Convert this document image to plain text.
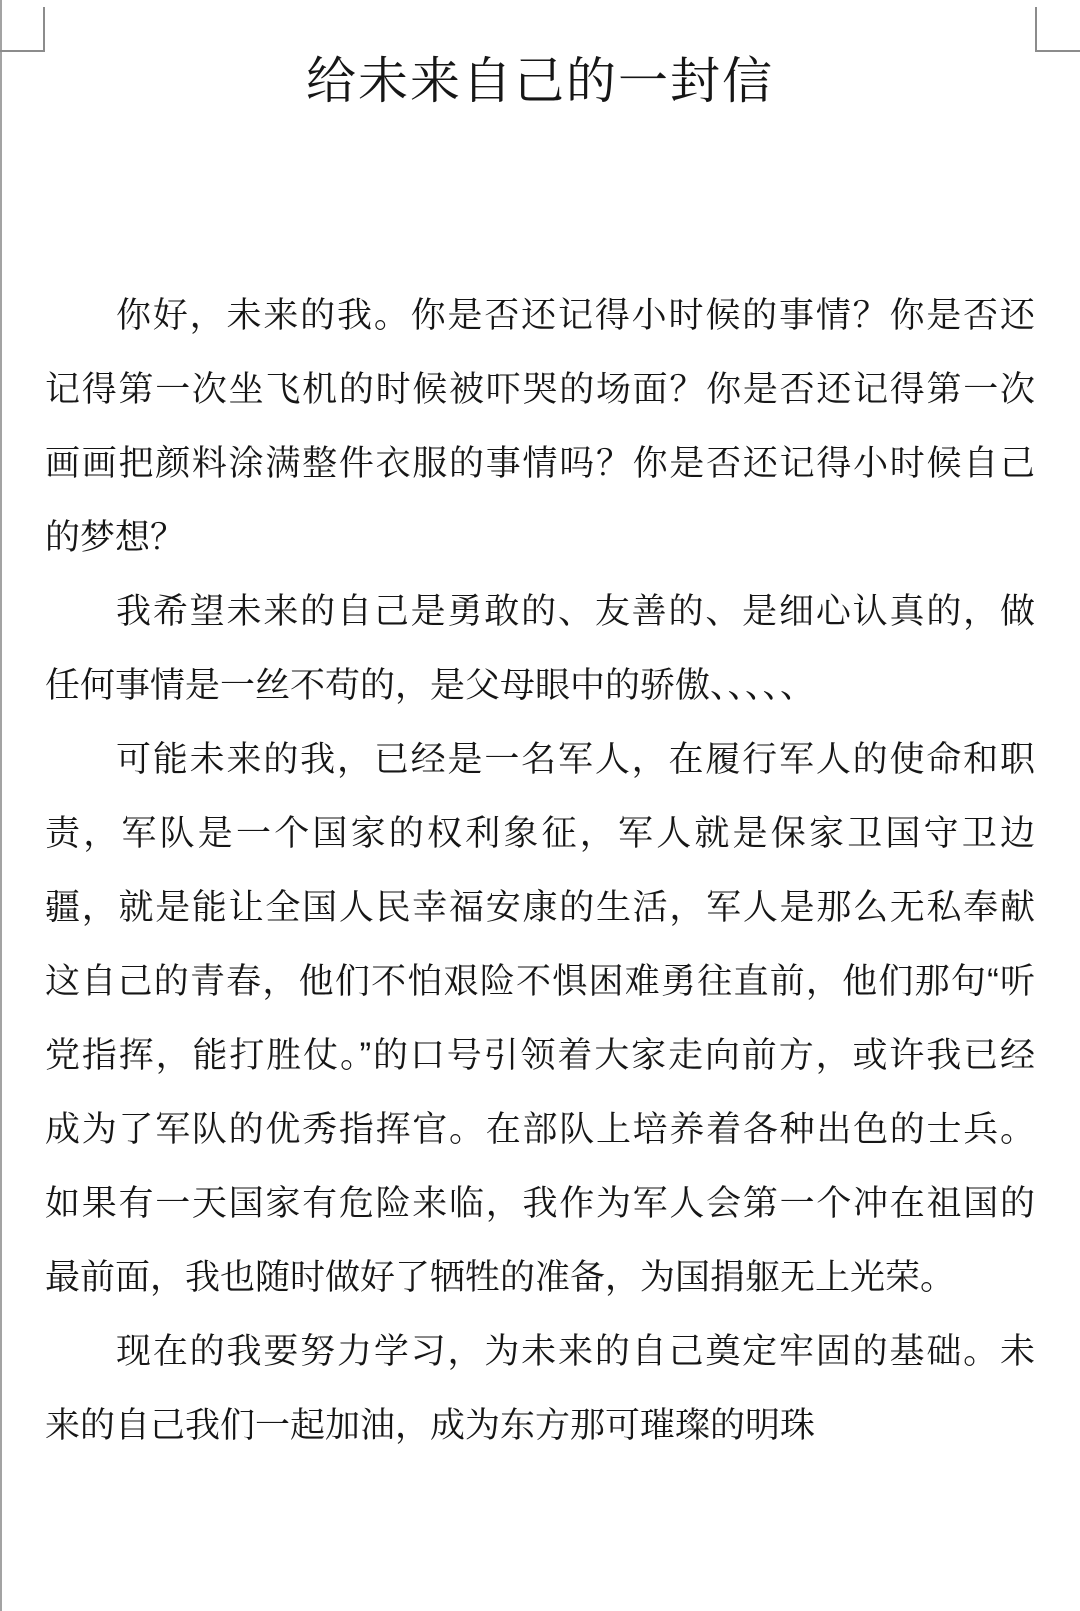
给未来自己的一封信
你好，未来的我。你是否还记得小时候的事情？你是否还
记得第一次坐飞机的时候被吓哭的场面？你是否还记得第一次
画画把颜料涂满整件衣服的事情吗？你是否还记得小时候自己
的梦想？
我希望未来的自己是勇敢的、友善的、是细心认真的，做
任何事情是一丝不苟的，是父母眼中的骄傲、、、、、
可能未来的我，已经是一名军人，在履行军人的使命和职
责，军队是一个国家的权利象征，军人就是保家卫国守卫边
疆，就是能让全国人民幸福安康的生活，军人是那么无私奉献
这自己的青春，他们不怕艰险不惧困难勇往直前，他们那句“听
党指挥，能打胜仗。”的口号引领着大家走向前方，或许我已经
成为了军队的优秀指挥官。在部队上培养着各种出色的士兵。
如果有一天国家有危险来临，我作为军人会第一个冲在祖国的
最前面，我也随时做好了牺牲的准备，为国捐躯无上光荣。
现在的我要努力学习，为未来的自己奠定牢固的基础。未
来的自己我们一起加油，成为东方那可璀璨的明珠
